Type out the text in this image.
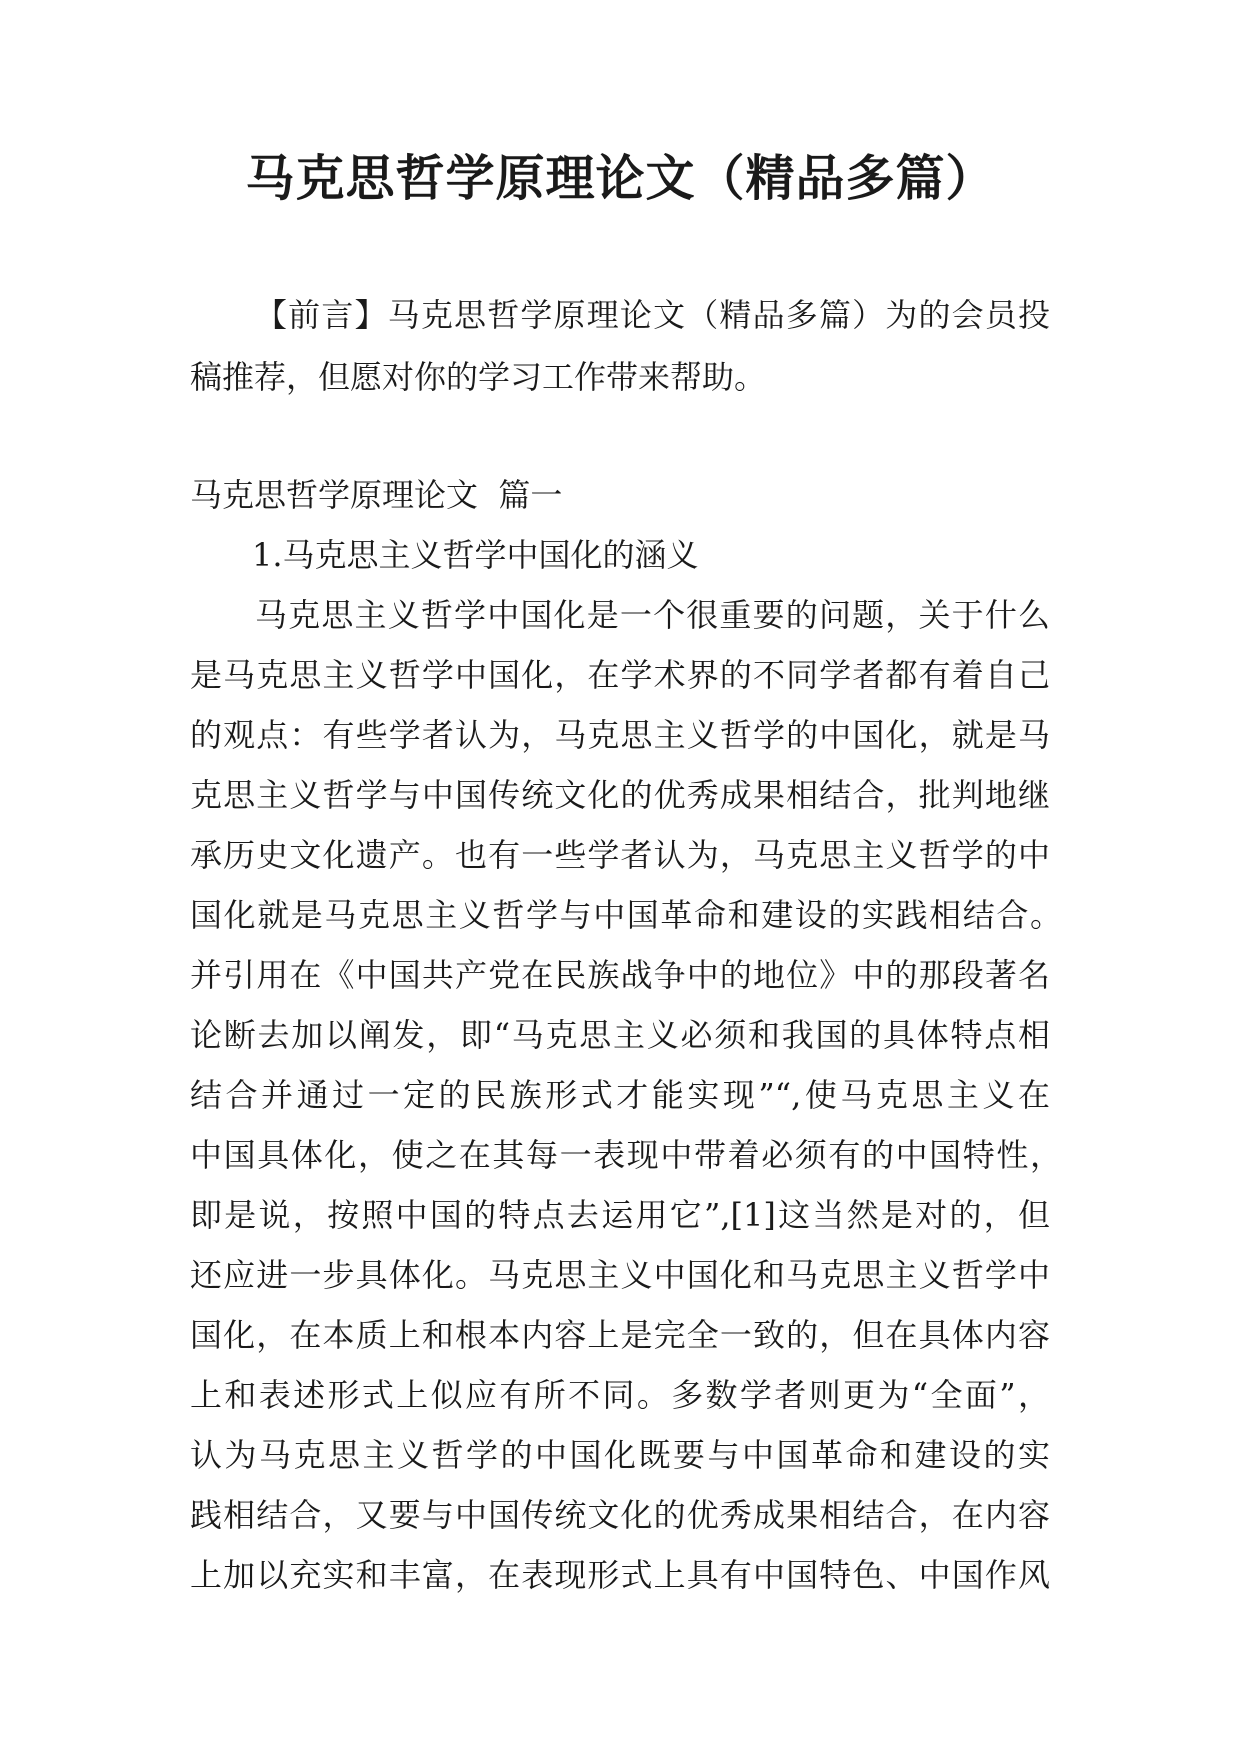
马克思哲学原理论文（精品多篇）
【前言】马克思哲学原理论文（精品多篇）为的会员投
稿推荐，但愿对你的学习工作带来帮助。
马克思哲学原理论文  篇一
1.马克思主义哲学中国化的涵义
马克思主义哲学中国化是一个很重要的问题，关于什么
是马克思主义哲学中国化，在学术界的不同学者都有着自己
的观点：有些学者认为，马克思主义哲学的中国化，就是马
克思主义哲学与中国传统文化的优秀成果相结合，批判地继
承历史文化遗产。也有一些学者认为，马克思主义哲学的中
国化就是马克思主义哲学与中国革命和建设的实践相结合。
并引用在《中国共产党在民族战争中的地位》中的那段著名
论断去加以阐发，即“马克思主义必须和我国的具体特点相
结合并通过一定的民族形式才能实现”“,使马克思主义在
中国具体化，使之在其每一表现中带着必须有的中国特性，
即是说，按照中国的特点去运用它”,[1]这当然是对的，但
还应进一步具体化。马克思主义中国化和马克思主义哲学中
国化，在本质上和根本内容上是完全一致的，但在具体内容
上和表述形式上似应有所不同。多数学者则更为“全面”，
认为马克思主义哲学的中国化既要与中国革命和建设的实
践相结合，又要与中国传统文化的优秀成果相结合，在内容
上加以充实和丰富，在表现形式上具有中国特色、中国作风
